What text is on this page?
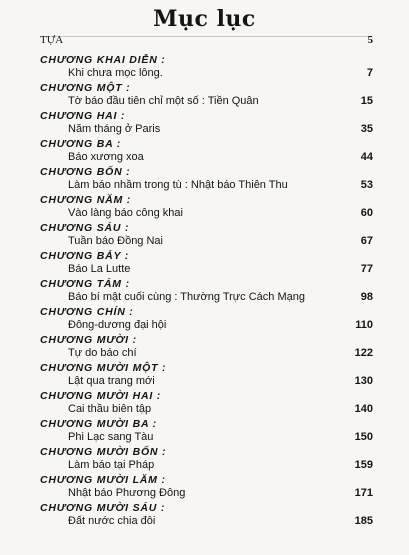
Mục lục
TỰA	5
CHƯƠNG KHAI DIỄN :
Khi chưa mọc lông.	7
CHƯƠNG MỘT :
Tờ báo đầu tiên chỉ một số : Tiền Quân	15
CHƯƠNG HAI :
Năm tháng ở Paris	35
CHƯƠNG BA :
Báo xương xoa	44
CHƯƠNG BỐN :
Làm báo nhầm trong tù : Nhật báo Thiên Thu	53
CHƯƠNG NĂM :
Vào làng báo công khai	60
CHƯƠNG SÁU :
Tuần báo Đồng Nai	67
CHƯƠNG BẢY :
Báo La Lutte	77
CHƯƠNG TÁM :
Báo bí mật cuối cùng : Thường Trực Cách Mạng	98
CHƯƠNG CHÍN :
Đông-dương đại hội	110
CHƯƠNG MƯỜI :
Tự do báo chí	122
CHƯƠNG MƯỜI MỘT :
Lật qua trang mới	130
CHƯƠNG MƯỜI HAI :
Cai thầu biên tập	140
CHƯƠNG MƯỜI BA :
Phi Lạc sang Tàu	150
CHƯƠNG MƯỜI BỐN :
Làm báo tại Pháp	159
CHƯƠNG MƯỜI LĂM :
Nhật báo Phương Đông	171
CHƯƠNG MƯỜI SÁU :
Đất nước chia đôi	185
